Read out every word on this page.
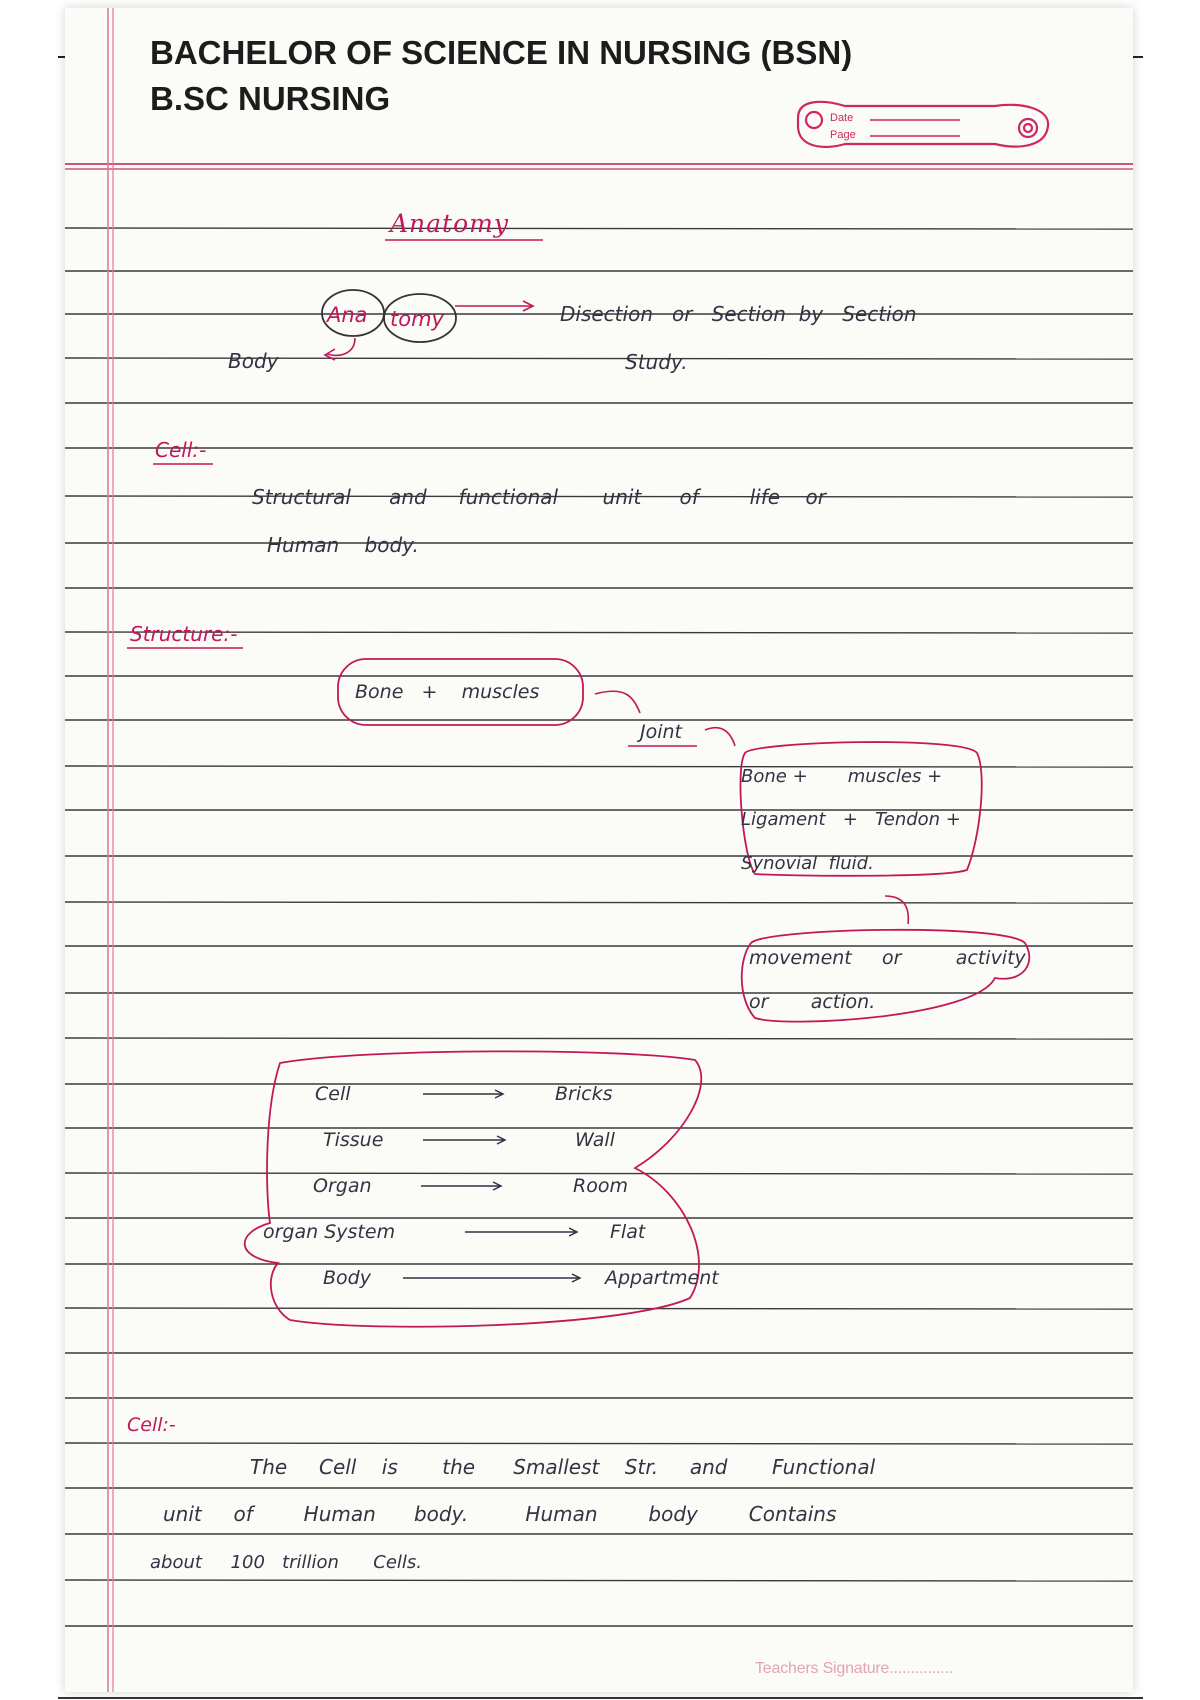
Date
Page
Anatomy
Ana tomy	Disection   or   Section  by   Section
Study.
Body
Cell:-
Structural      and     functional       unit      of        life    or
Human    body.
Structure:-
Bone   +    muscles
Joint
Bone +       muscles +
Ligament   +   Tendon +
Synovial  fluid.
movement     or         activity
or       action.
Cell	Bricks
Tissue	Wall
Organ	Room
organ System	Flat
Body	Appartment
Cell:-
The     Cell    is       the      Smallest    Str.     and       Functional
unit     of        Human      body.         Human        body        Contains
about     100   trillion      Cells.
Teachers Signature...............
BACHELOR OF SCIENCE IN NURSING (BSN)
B.SC NURSING
